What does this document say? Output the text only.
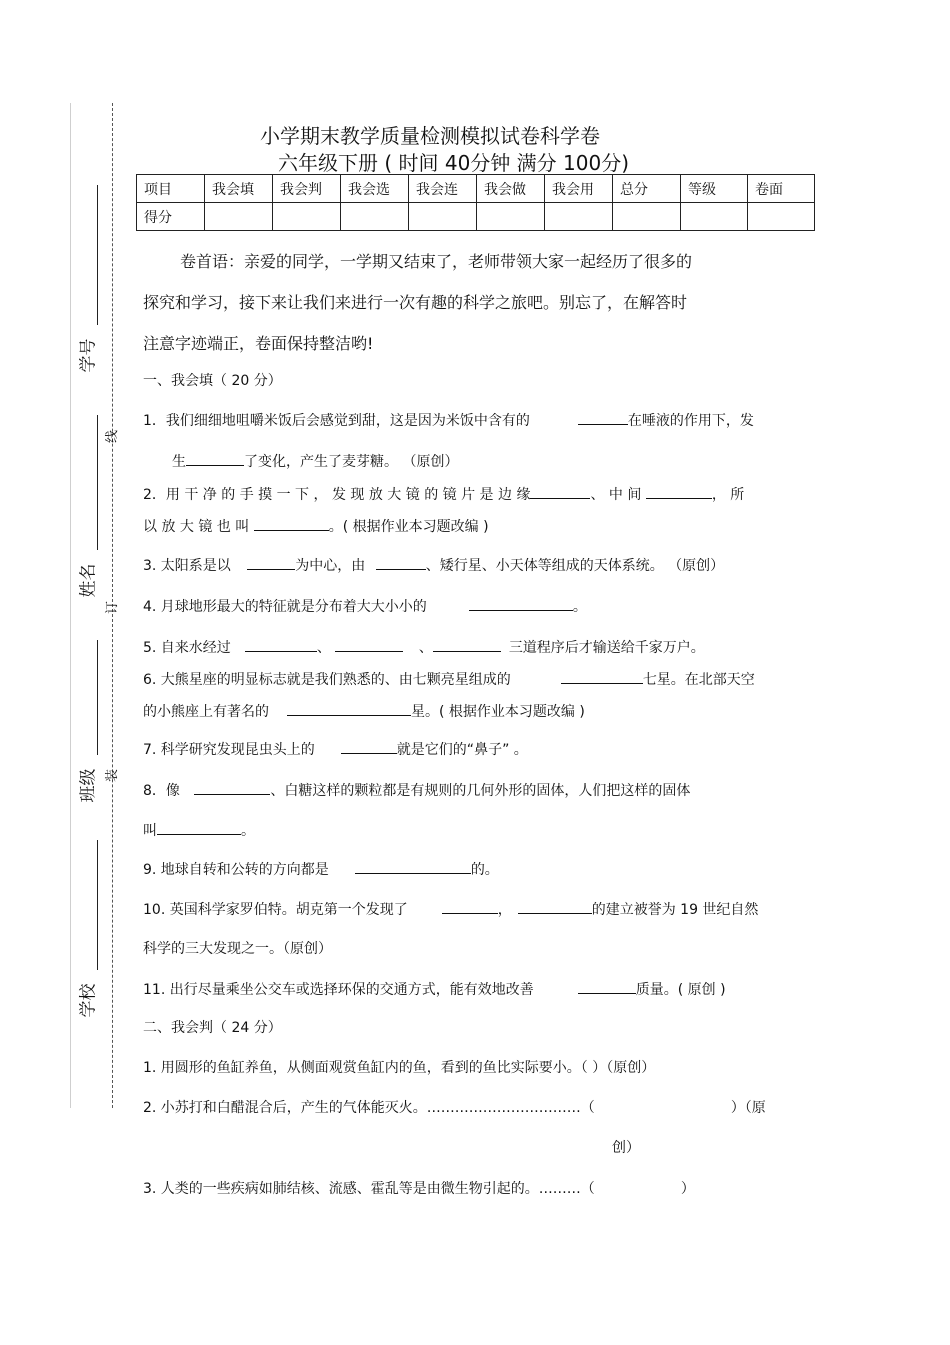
学号
姓名
班级
学校
线
订
装
小学期末教学质量检测模拟试卷科学卷
六年级下册 ( 时间 40分钟 满分 100分)
项目	我会填	我会判	我会选	我会连	我会做	我会用	总分	等级	卷面
得分									
卷首语：亲爱的同学，一学期又结束了，老师带领大家一起经历了很多的
探究和学习，接下来让我们来进行一次有趣的科学之旅吧。别忘了，在解答时
注意字迹端正，卷面保持整洁哟!
一、我会填（ 20 分）
1．我们细细地咀嚼米饭后会感觉到甜，这是因为米饭中含有的	在唾液的作用下，发
生	了变化，产生了麦芽糖。 （原创）
2．用 干 净 的 手 摸 一 下 ， 发 现 放 大 镜 的 镜 片 是 边 缘	、 中 间	， 所
以 放 大 镜 也 叫	。( 根据作业本习题改编 )
3. 太阳系是以	为中心，由	、矮行星、小天体等组成的天体系统。 （原创）
4. 月球地形最大的特征就是分布着大大小小的	。
5. 自来水经过	、	、	三道程序后才输送给千家万户。
6. 大熊星座的明显标志就是我们熟悉的、由七颗亮星组成的	七星。在北部天空
的小熊座上有著名的	星。( 根据作业本习题改编 )
7. 科学研究发现昆虫头上的	就是它们的“鼻子” 。
8．像	、白糖这样的颗粒都是有规则的几何外形的固体，人们把这样的固体
叫	。
9. 地球自转和公转的方向都是	的。
10. 英国科学家罗伯特。胡克第一个发现了	，	的建立被誉为 19 世纪自然
科学的三大发现之一。（原创）
11. 出行尽量乘坐公交车或选择环保的交通方式，能有效地改善	质量。( 原创 )
二、我会判（ 24 分）
1. 用圆形的鱼缸养鱼，从侧面观赏鱼缸内的鱼，看到的鱼比实际要小。（ ）（原创）
2. 小苏打和白醋混合后，产生的气体能灭火。……………………………（	）（原
创）
3. 人类的一些疾病如肺结核、流感、霍乱等是由微生物引起的。………（	）
